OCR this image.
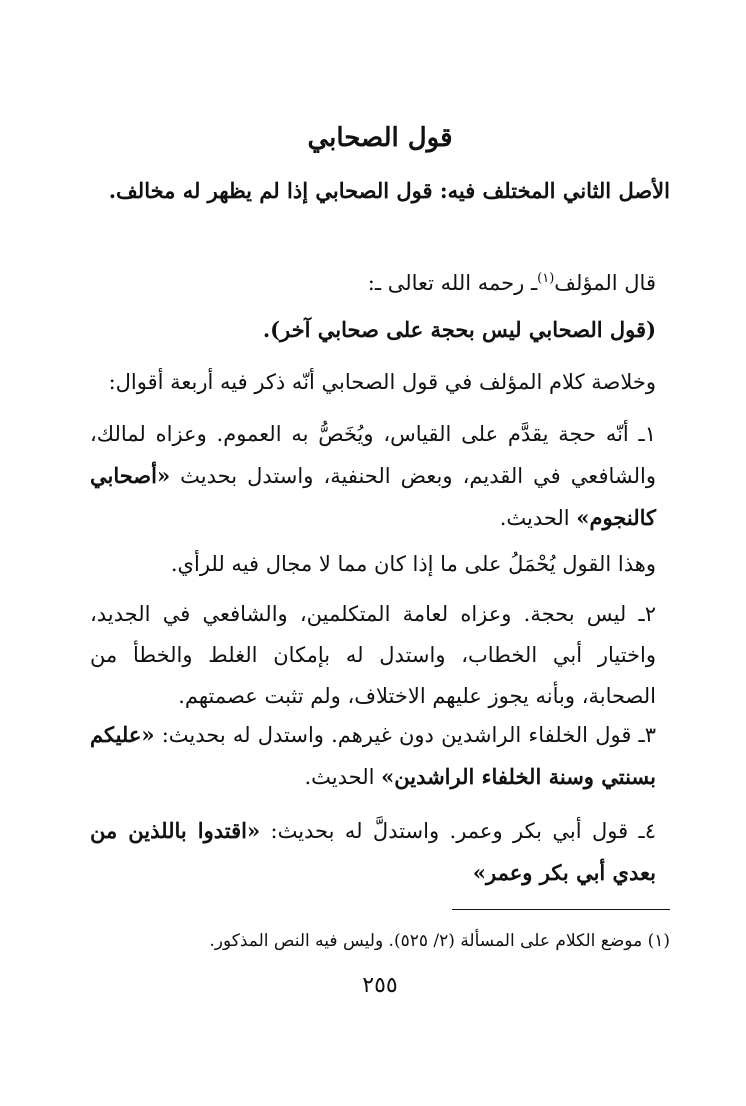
قول الصحابي
الأصل الثاني المختلف فيه: قول الصحابي إذا لم يظهر له مخالف.
قال المؤلف$^{(١)}$ـ رحمه الله تعالى ـ:
(قول الصحابي ليس بحجة على صحابي آخر).
وخلاصة كلام المؤلف في قول الصحابي أنّه ذكر فيه أربعة أقوال:
١ـ أنّه حجة يقدَّم على القياس، ويُخَصُّ به العموم. وعزاه لمالك، والشافعي في القديم، وبعض الحنفية، واستدل بحديث «أصحابي كالنجوم» الحديث.
وهذا القول يُحْمَلُ على ما إذا كان مما لا مجال فيه للرأي.
٢ـ ليس بحجة. وعزاه لعامة المتكلمين، والشافعي في الجديد، واختيار أبي الخطاب، واستدل له بإمكان الغلط والخطأ من الصحابة، وبأنه يجوز عليهم الاختلاف، ولم تثبت عصمتهم.
٣ـ قول الخلفاء الراشدين دون غيرهم. واستدل له بحديث: «عليكم بسنتي وسنة الخلفاء الراشدين» الحديث.
٤ـ قول أبي بكر وعمر. واستدلَّ له بحديث: «اقتدوا باللذين من بعدي أبي بكر وعمر»
(١) موضع الكلام على المسألة (٢/ ٥٢٥). وليس فيه النص المذكور.
٢٥٥
